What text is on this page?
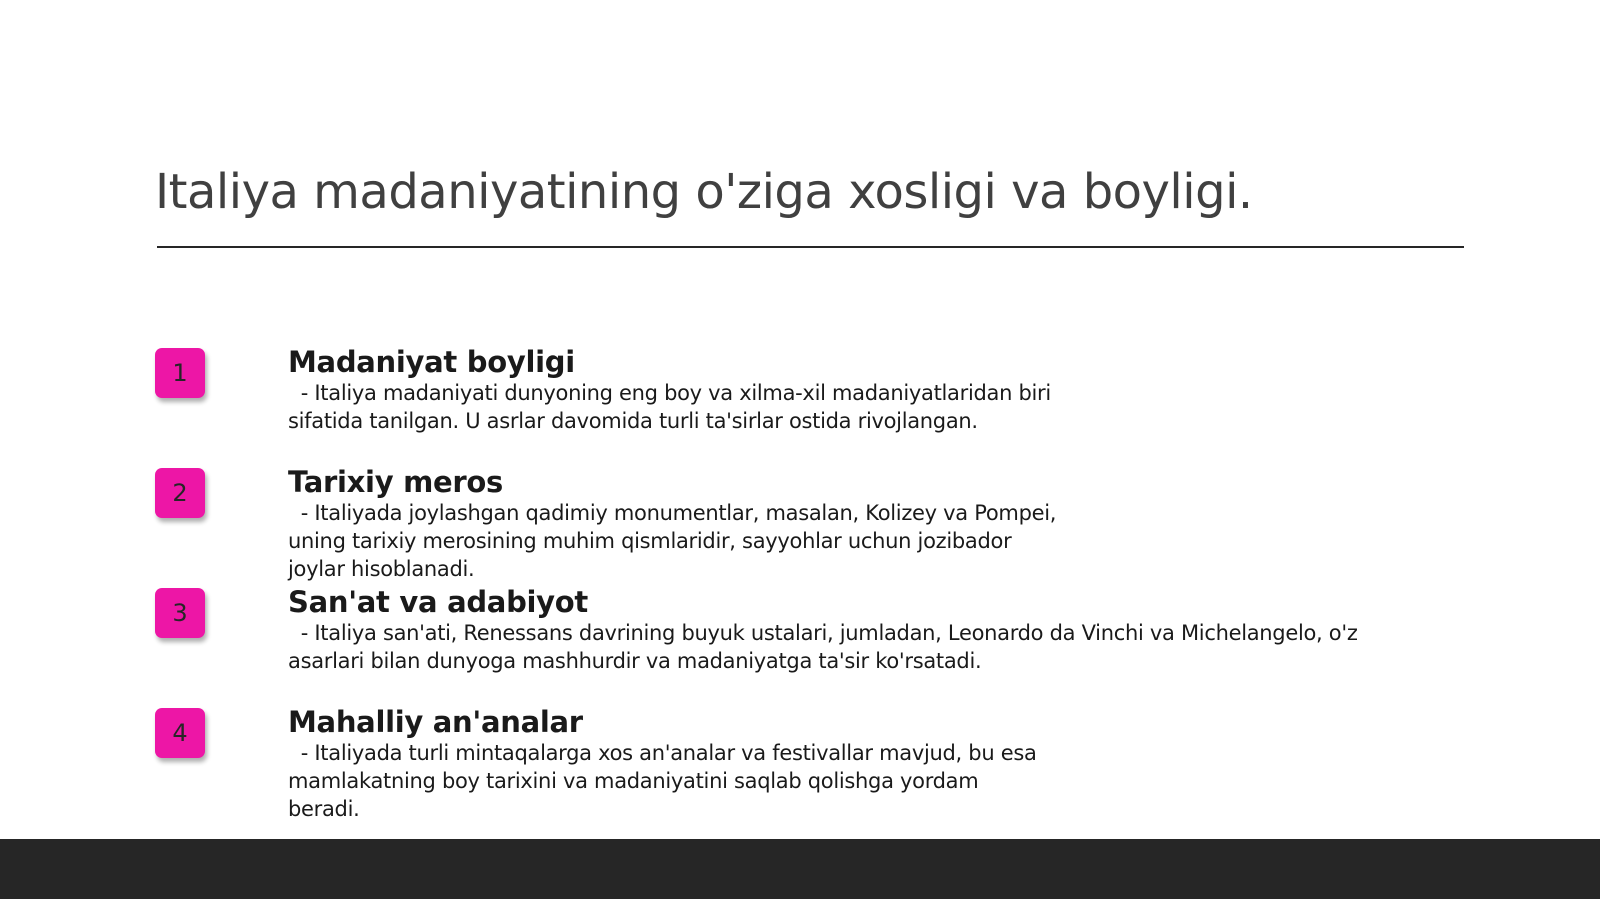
Italiya madaniyatining o'ziga xosligi va boyligi.
1	Madaniyat boyligi

- Italiya madaniyati dunyoning eng boy va xilma-xil madaniyatlaridan biri
sifatida tanilgan. U asrlar davomida turli ta'sirlar ostida rivojlangan.

2	Tarixiy meros

- Italiyada joylashgan qadimiy monumentlar, masalan, Kolizey va Pompei,
uning tarixiy merosining muhim qismlaridir, sayyohlar uchun jozibador
joylar hisoblanadi.

3	San'at va adabiyot

- Italiya san'ati, Renessans davrining buyuk ustalari, jumladan, Leonardo da Vinchi va Michelangelo, o'z
asarlari bilan dunyoga mashhurdir va madaniyatga ta'sir ko'rsatadi.

4	Mahalliy an'analar

- Italiyada turli mintaqalarga xos an'analar va festivallar mavjud, bu esa
mamlakatning boy tarixini va madaniyatini saqlab qolishga yordam
beradi.
